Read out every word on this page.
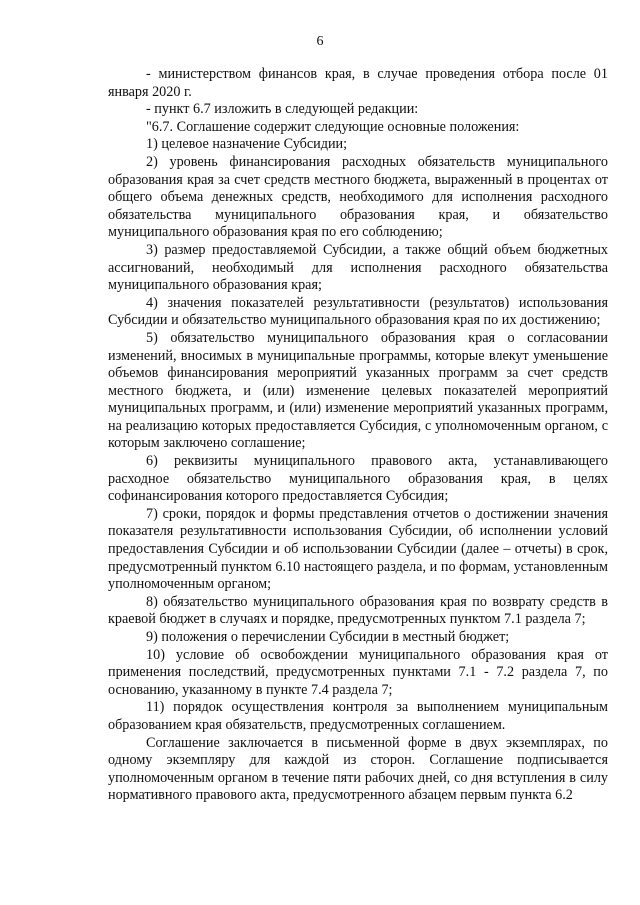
6

- министерством финансов края, в случае проведения отбора после 01 января 2020 г.

- пункт 6.7 изложить в следующей редакции:

"6.7. Соглашение содержит следующие основные положения:

1) целевое назначение Субсидии;

2) уровень финансирования расходных обязательств муниципального образования края за счет средств местного бюджета, выраженный в процентах от общего объема денежных средств, необходимого для исполнения расходного обязательства муниципального образования края, и обязательство муниципального образования края по его соблюдению;

3) размер предоставляемой Субсидии, а также общий объем бюджетных ассигнований, необходимый для исполнения расходного обязательства муниципального образования края;

4) значения показателей результативности (результатов) использования Субсидии и обязательство муниципального образования края по их достижению;

5) обязательство муниципального образования края о согласовании изменений, вносимых в муниципальные программы, которые влекут уменьшение объемов финансирования мероприятий указанных программ за счет средств местного бюджета, и (или) изменение целевых показателей мероприятий муниципальных программ, и (или) изменение мероприятий указанных программ, на реализацию которых предоставляется Субсидия, с уполномоченным органом, с которым заключено соглашение;

6) реквизиты муниципального правового акта, устанавливающего расходное обязательство муниципального образования края, в целях софинансирования которого предоставляется Субсидия;

7) сроки, порядок и формы представления отчетов о достижении значения показателя результативности использования Субсидии, об исполнении условий предоставления Субсидии и об использовании Субсидии (далее – отчеты) в срок, предусмотренный пунктом 6.10 настоящего раздела, и по формам, установленным уполномоченным органом;

8) обязательство муниципального образования края по возврату средств в краевой бюджет в случаях и порядке, предусмотренных пунктом 7.1 раздела 7;

9) положения о перечислении Субсидии в местный бюджет;

10) условие об освобождении муниципального образования края от применения последствий, предусмотренных пунктами 7.1 - 7.2 раздела 7, по основанию, указанному в пункте 7.4 раздела 7;

11) порядок осуществления контроля за выполнением муниципальным образованием края обязательств, предусмотренных соглашением.

Соглашение заключается в письменной форме в двух экземплярах, по одному экземпляру для каждой из сторон. Соглашение подписывается уполномоченным органом в течение пяти рабочих дней, со дня вступления в силу нормативного правового акта, предусмотренного абзацем первым пункта 6.2
